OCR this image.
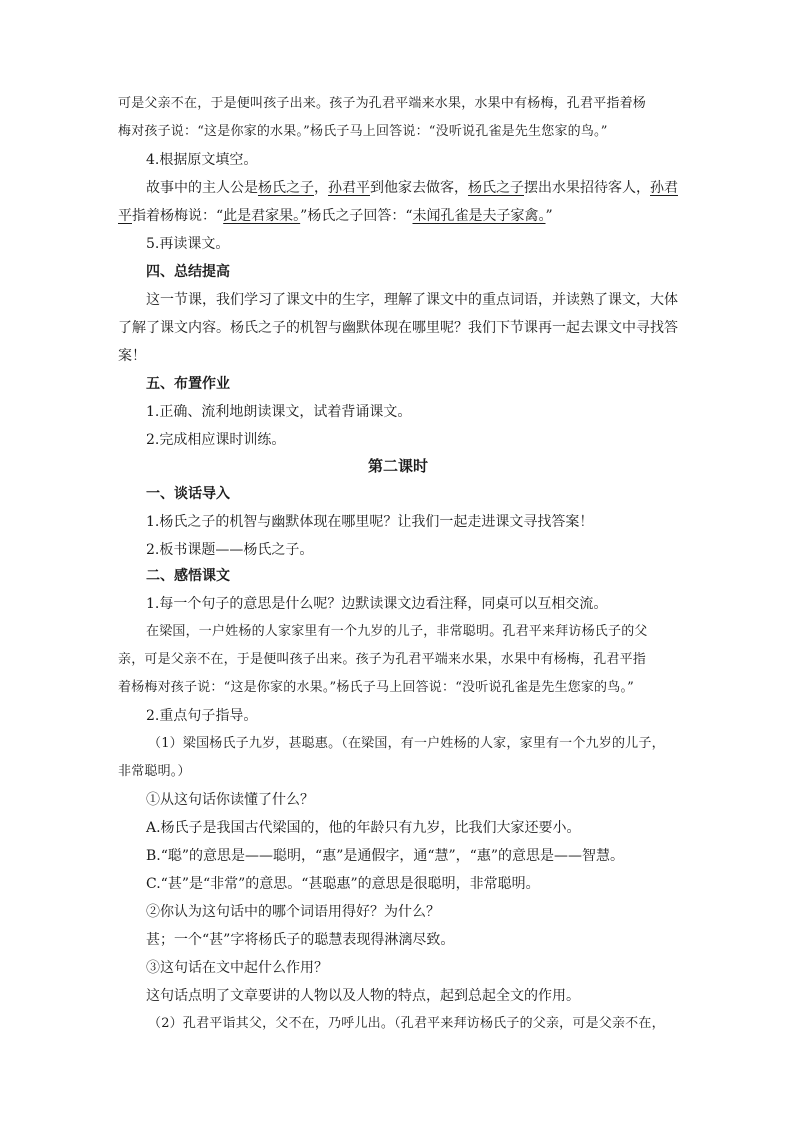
可是父亲不在，于是便叫孩子出来。孩子为孔君平端来水果，水果中有杨梅，孔君平指着杨
梅对孩子说：“这是你家的水果。”杨氏子马上回答说：“没听说孔雀是先生您家的鸟。”
4.根据原文填空。
故事中的主人公是杨氏之子，孙君平到他家去做客，杨氏之子摆出水果招待客人，孙君
平指着杨梅说：“此是君家果。”杨氏之子回答：“未闻孔雀是夫子家禽。”
5.再读课文。
四、总结提高
这一节课，我们学习了课文中的生字，理解了课文中的重点词语，并读熟了课文，大体
了解了课文内容。杨氏之子的机智与幽默体现在哪里呢？我们下节课再一起去课文中寻找答
案！
五、布置作业
1.正确、流利地朗读课文，试着背诵课文。
2.完成相应课时训练。
第二课时
一、谈话导入
1.杨氏之子的机智与幽默体现在哪里呢？让我们一起走进课文寻找答案！
2.板书课题——杨氏之子。
二、感悟课文
1.每一个句子的意思是什么呢？边默读课文边看注释，同桌可以互相交流。
在梁国，一户姓杨的人家家里有一个九岁的儿子，非常聪明。孔君平来拜访杨氏子的父
亲，可是父亲不在，于是便叫孩子出来。孩子为孔君平端来水果，水果中有杨梅，孔君平指
着杨梅对孩子说：“这是你家的水果。”杨氏子马上回答说：“没听说孔雀是先生您家的鸟。”
2.重点句子指导。
（1）梁国杨氏子九岁，甚聪惠。（在梁国，有一户姓杨的人家，家里有一个九岁的儿子，
非常聪明。）
①从这句话你读懂了什么？
A.杨氏子是我国古代梁国的，他的年龄只有九岁，比我们大家还要小。
B.“聪”的意思是——聪明，“惠”是通假字，通“慧”，“惠”的意思是——智慧。
C.“甚”是“非常”的意思。“甚聪惠”的意思是很聪明，非常聪明。
②你认为这句话中的哪个词语用得好？为什么？
甚；一个“甚”字将杨氏子的聪慧表现得淋漓尽致。
③这句话在文中起什么作用？
这句话点明了文章要讲的人物以及人物的特点，起到总起全文的作用。
（2）孔君平诣其父，父不在，乃呼儿出。（孔君平来拜访杨氏子的父亲，可是父亲不在，
